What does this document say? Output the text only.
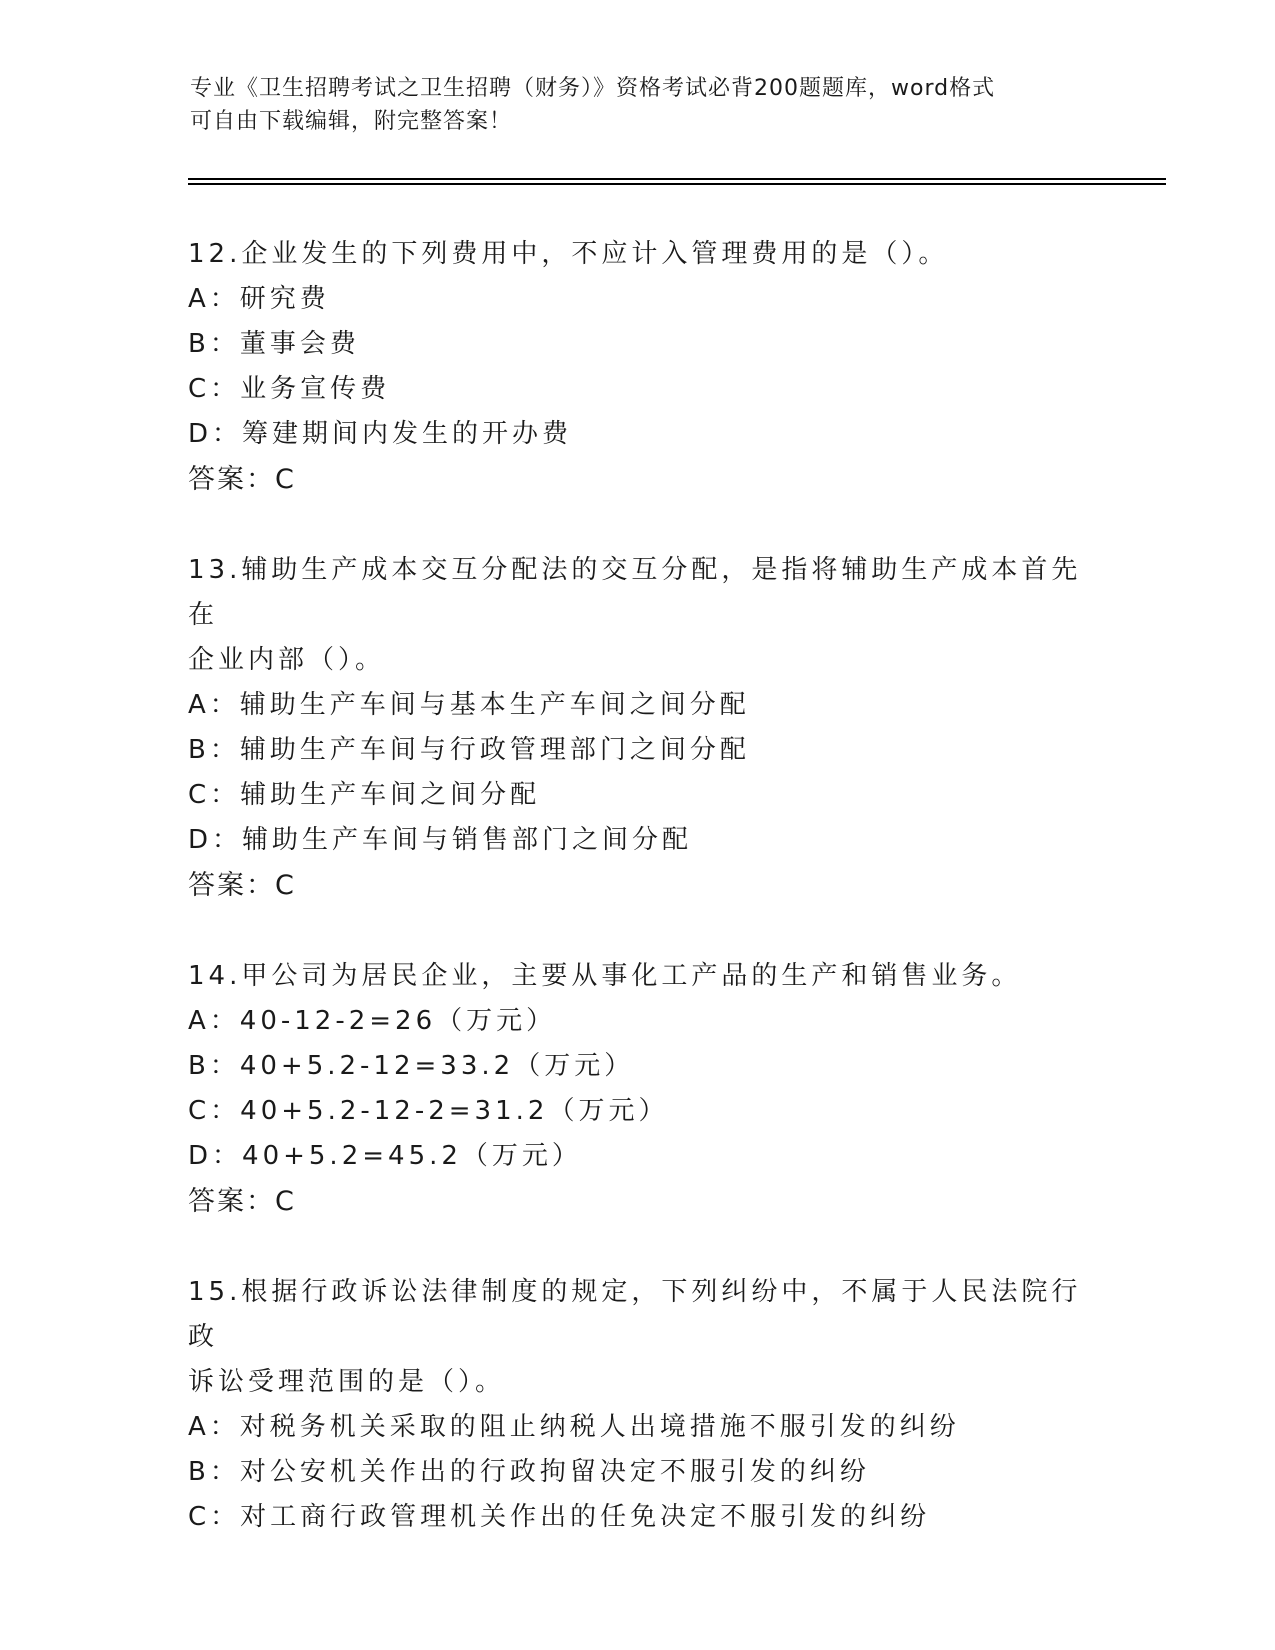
专业《卫生招聘考试之卫生招聘（财务）》资格考试必背200题题库，word格式
可自由下载编辑，附完整答案！
12.企业发生的下列费用中，不应计入管理费用的是（）。
A：研究费
B：董事会费
C：业务宣传费
D：筹建期间内发生的开办费
答案：C
13.辅助生产成本交互分配法的交互分配，是指将辅助生产成本首先在
企业内部（）。
A：辅助生产车间与基本生产车间之间分配
B：辅助生产车间与行政管理部门之间分配
C：辅助生产车间之间分配
D：辅助生产车间与销售部门之间分配
答案：C
14.甲公司为居民企业，主要从事化工产品的生产和销售业务。
A：40-12-2=26（万元）
B：40+5.2-12=33.2（万元）
C：40+5.2-12-2=31.2（万元）
D：40+5.2=45.2（万元）
答案：C
15.根据行政诉讼法律制度的规定，下列纠纷中，不属于人民法院行政
诉讼受理范围的是（）。
A：对税务机关采取的阻止纳税人出境措施不服引发的纠纷
B：对公安机关作出的行政拘留决定不服引发的纠纷
C：对工商行政管理机关作出的任免决定不服引发的纠纷
